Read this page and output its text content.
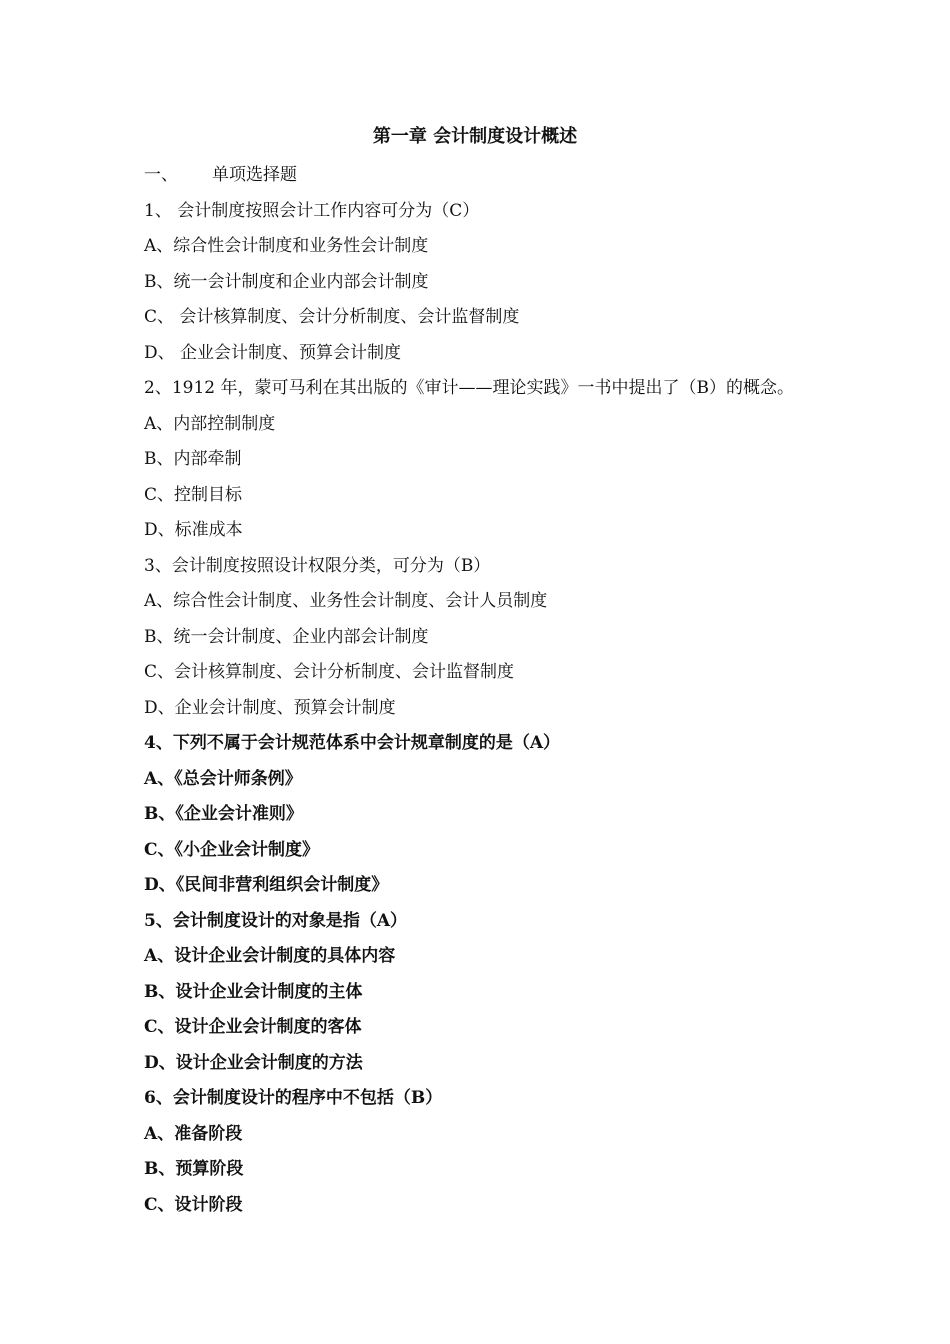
第一章 会计制度设计概述
一、 单项选择题
1、 会计制度按照会计工作内容可分为（C）
A、综合性会计制度和业务性会计制度
B、统一会计制度和企业内部会计制度
C、 会计核算制度、会计分析制度、会计监督制度
D、 企业会计制度、预算会计制度
2、1912 年，蒙可马利在其出版的《审计——理论实践》一书中提出了（B）的概念。
A、内部控制制度
B、内部牵制
C、控制目标
D、标准成本
3、会计制度按照设计权限分类，可分为（B）
A、综合性会计制度、业务性会计制度、会计人员制度
B、统一会计制度、企业内部会计制度
C、会计核算制度、会计分析制度、会计监督制度
D、企业会计制度、预算会计制度
4、下列不属于会计规范体系中会计规章制度的是（A）
A、《总会计师条例》
B、《企业会计准则》
C、《小企业会计制度》
D、《民间非营利组织会计制度》
5、会计制度设计的对象是指（A）
A、设计企业会计制度的具体内容
B、设计企业会计制度的主体
C、设计企业会计制度的客体
D、设计企业会计制度的方法
6、会计制度设计的程序中不包括（B）
A、准备阶段
B、预算阶段
C、设计阶段
